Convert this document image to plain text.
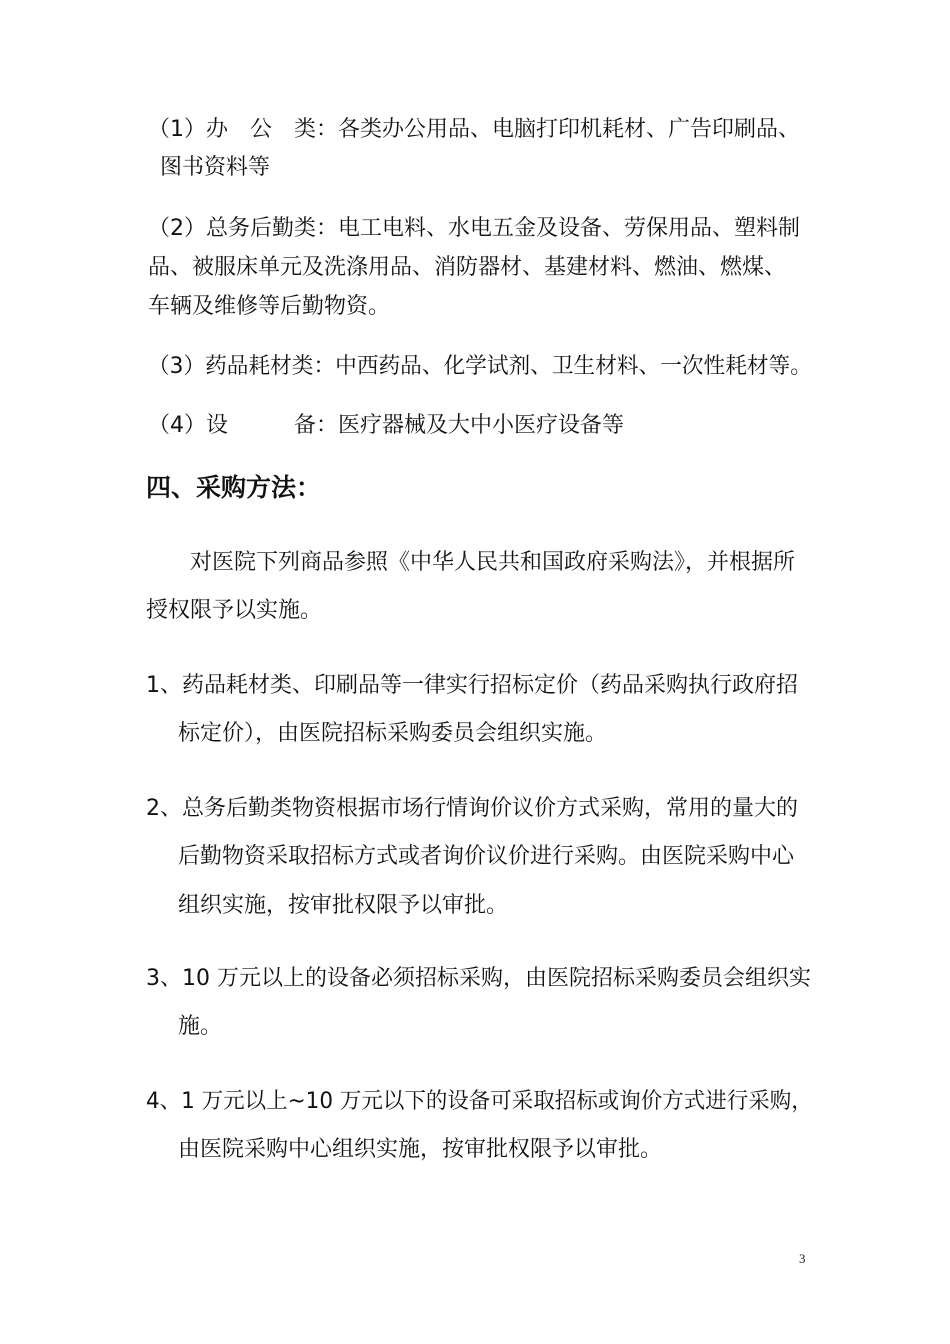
（1）办　公　类：各类办公用品、电脑打印机耗材、广告印刷品、
图书资料等
（2）总务后勤类：电工电料、水电五金及设备、劳保用品、塑料制
品、被服床单元及洗涤用品、消防器材、基建材料、燃油、燃煤、
车辆及维修等后勤物资。
（3）药品耗材类：中西药品、化学试剂、卫生材料、一次性耗材等。
（4）设　　　备：医疗器械及大中小医疗设备等
四、采购方法：
对医院下列商品参照《中华人民共和国政府采购法》，并根据所
授权限予以实施。
1、药品耗材类、印刷品等一律实行招标定价（药品采购执行政府招
标定价），由医院招标采购委员会组织实施。
2、总务后勤类物资根据市场行情询价议价方式采购，常用的量大的
后勤物资采取招标方式或者询价议价进行采购。由医院采购中心
组织实施，按审批权限予以审批。
3、10 万元以上的设备必须招标采购，由医院招标采购委员会组织实
施。
4、1 万元以上~10 万元以下的设备可采取招标或询价方式进行采购，
由医院采购中心组织实施，按审批权限予以审批。
3
